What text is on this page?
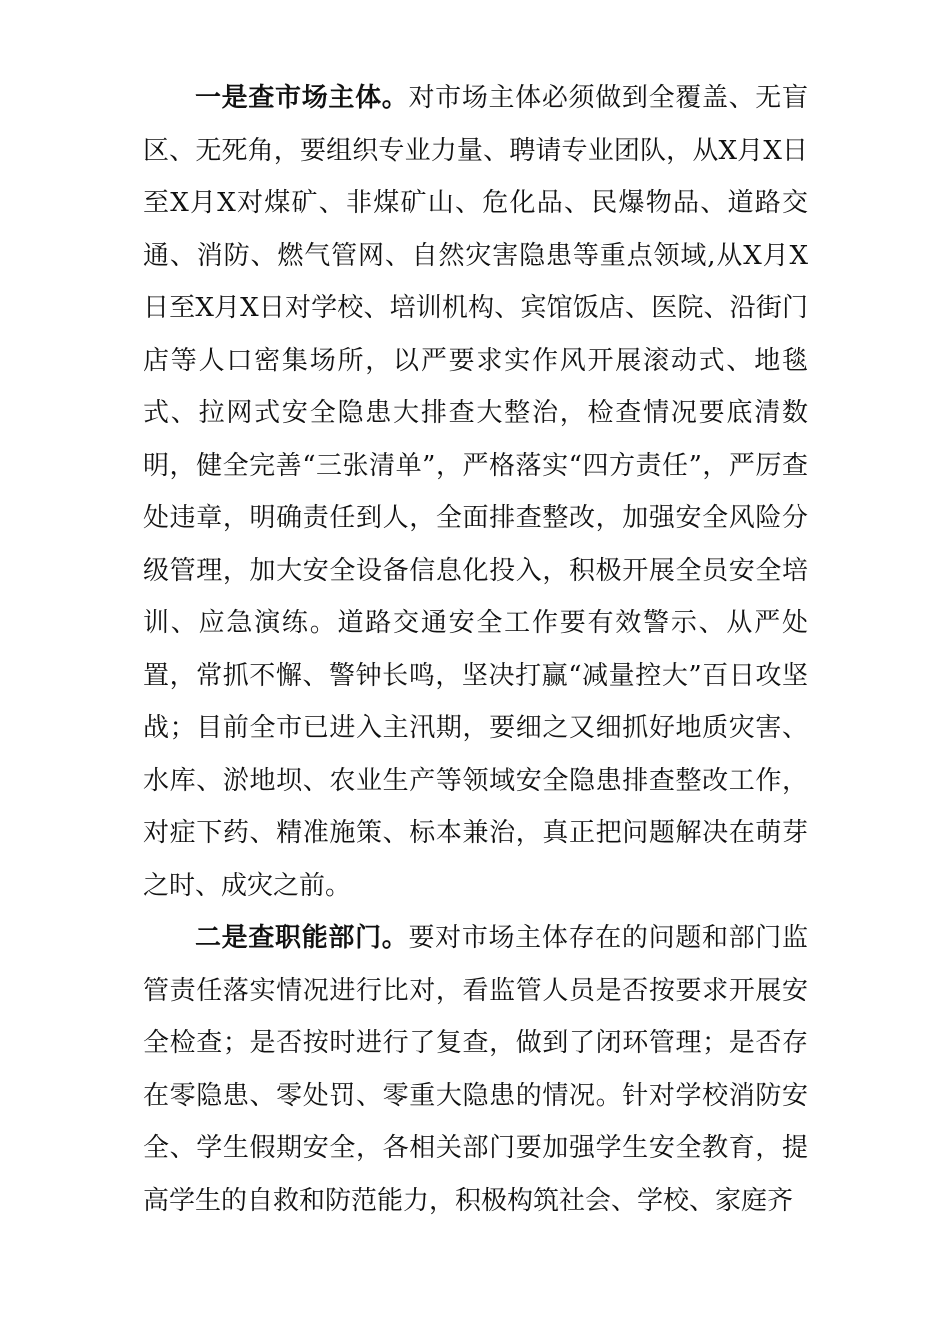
一是查市场主体。对市场主体必须做到全覆盖、无盲区、无死角，要组织专业力量、聘请专业团队，从X月X日至X月X对煤矿、非煤矿山、危化品、民爆物品、道路交通、消防、燃气管网、自然灾害隐患等重点领域,从X月X日至X月X日对学校、培训机构、宾馆饭店、医院、沿街门店等人口密集场所，以严要求实作风开展滚动式、地毯式、拉网式安全隐患大排查大整治，检查情况要底清数明，健全完善“三张清单”，严格落实“四方责任”，严厉查处违章，明确责任到人，全面排查整改，加强安全风险分级管理，加大安全设备信息化投入，积极开展全员安全培训、应急演练。道路交通安全工作要有效警示、从严处置，常抓不懈、警钟长鸣，坚决打赢“减量控大”百日攻坚战；目前全市已进入主汛期，要细之又细抓好地质灾害、水库、淤地坝、农业生产等领域安全隐患排查整改工作，对症下药、精准施策、标本兼治，真正把问题解决在萌芽之时、成灾之前。

二是查职能部门。要对市场主体存在的问题和部门监管责任落实情况进行比对，看监管人员是否按要求开展安全检查；是否按时进行了复查，做到了闭环管理；是否存在零隐患、零处罚、零重大隐患的情况。针对学校消防安全、学生假期安全，各相关部门要加强学生安全教育，提高学生的自救和防范能力，积极构筑社会、学校、家庭齐
